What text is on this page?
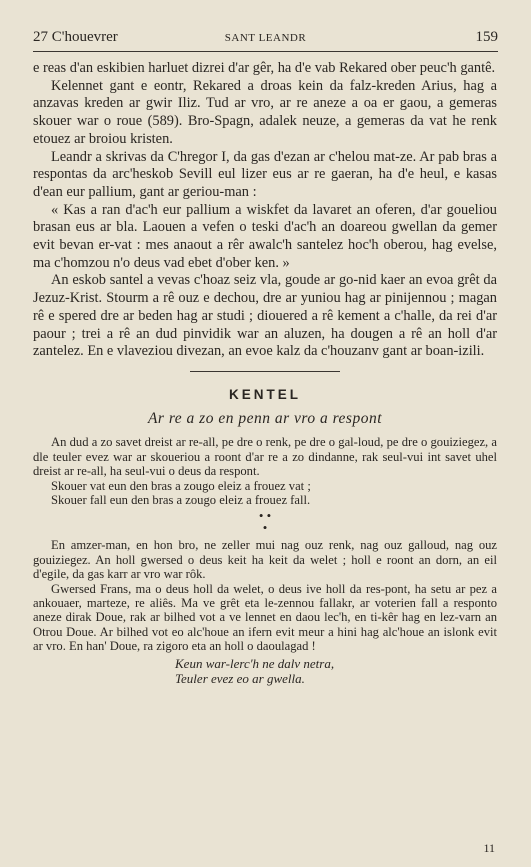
27 C'houevrer	SANT LEANDR	159

e reas d'an eskibien harluet dizrei d'ar gêr, ha d'e vab Rekared ober peuc'h gantê.

Kelennet gant e eontr, Rekared a droas kein da falz-kreden Arius, hag a anzavas kreden ar gwir Iliz. Tud ar vro, ar re aneze a oa er gaou, a gemeras skouer war o roue (589). Bro-Spagn, adalek neuze, a gemeras da vat he renk etouez ar broiou kristen.

Leandr a skrivas da C'hregor I, da gas d'ezan ar c'helou mat-ze. Ar pab bras a respontas da arc'heskob Sevill eul lizer eus ar re gaeran, ha d'e heul, e kasas d'ean eur pallium, gant ar geriou-man :

« Kas a ran d'ac'h eur pallium a wiskfet da lavaret an oferen, d'ar goueliou brasan eus ar bla. Laouen a vefen o teski d'ac'h an doareou gwellan da gemer evit bevan er-vat : mes anaout a rêr awalc'h santelez hoc'h oberou, hag evelse, ma c'homzou n'o deus vad ebet d'ober ken. »

An eskob santel a vevas c'hoaz seiz vla, goude ar go-nid kaer an evoa grêt da Jezuz-Krist. Stourm a rê ouz e dechou, dre ar yuniou hag ar pinijennou ; magan rê e spered dre ar beden hag ar studi ; diouered a rê kement a c'halle, da rei d'ar paour ; trei a rê an dud pinvidik war an aluzen, ha dougen a rê an holl d'ar zantelez. En e vlaveziou divezan, an evoe kalz da c'houzanv gant ar boan-izili.

KENTEL
Ar re a zo en penn ar vro a respont

An dud a zo savet dreist ar re-all, pe dre o renk, pe dre o gal-loud, pe dre o gouiziegez, a dle teuler evez war ar skoueriou a roont d'ar re a zo dindanne, rak seul-vui int savet uhel dreist ar re-all, ha seul-vui o deus da respont.

Skouer vat eun den bras a zougo eleiz a frouez vat ;

Skouer fall eun den bras a zougo eleiz a frouez fall.

• •
•

En amzer-man, en hon bro, ne zeller mui nag ouz renk, nag ouz galloud, nag ouz gouiziegez. An holl gwersed o deus keit ha keit da welet ; holl e roont an dorn, an eil d'egile, da gas karr ar vro war rôk.

Gwersed Frans, ma o deus holl da welet, o deus ive holl da res-pont, ha setu ar pez a ankouaer, marteze, re aliês. Ma ve grêt eta le-zennou fallakr, ar voterien fall a responto aneze dirak Doue, rak ar bilhed vot a ve lennet en daou lec'h, en ti-kêr hag en lez-varn an Otrou Doue. Ar bilhed vot eo alc'houe an ifern evit meur a hini hag alc'houe an islonk evit ar vro. En han' Doue, ra zigoro eta an holl o daoulagad !

Keun war-lerc'h ne dalv netra,
Teuler evez eo ar gwella.
11
